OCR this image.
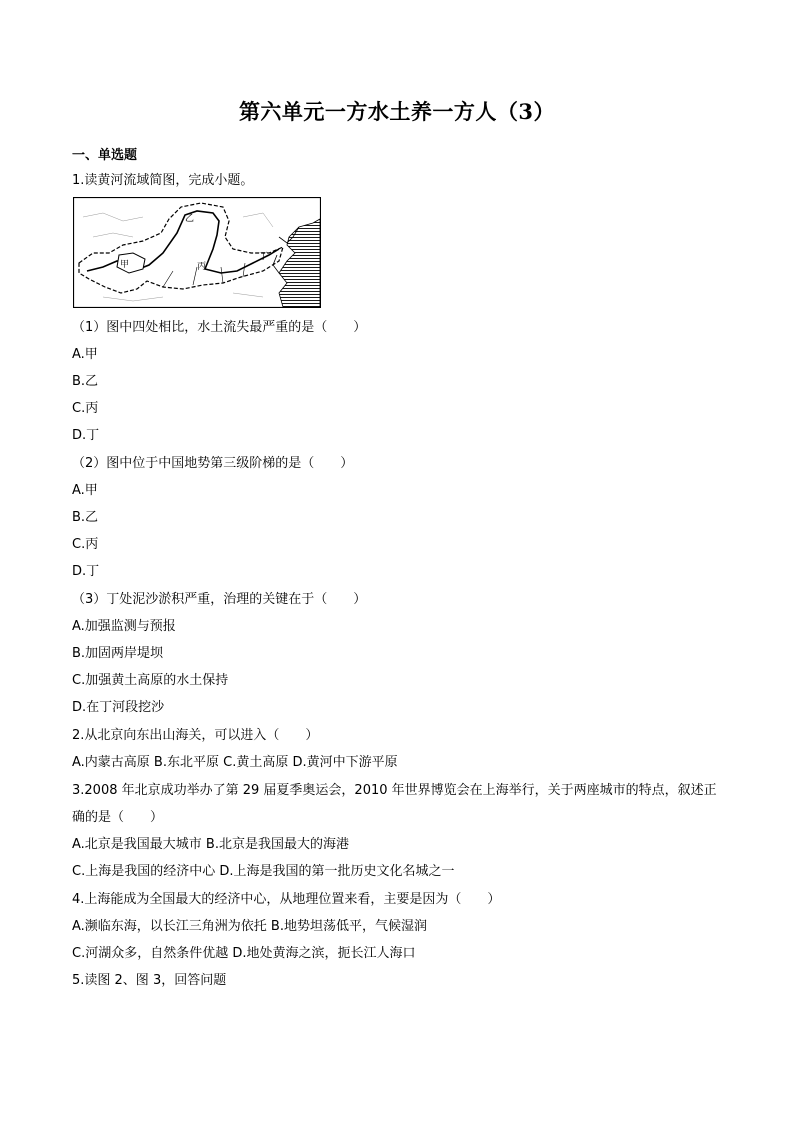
第六单元一方水土养一方人（3）
一、单选题
1.读黄河流域简图，完成小题。
甲
乙
丙
丁
（1）图中四处相比，水土流失最严重的是（　　）
A.甲
B.乙
C.丙
D.丁
（2）图中位于中国地势第三级阶梯的是（　　）
A.甲
B.乙
C.丙
D.丁
（3）丁处泥沙淤积严重，治理的关键在于（　　）
A.加强监测与预报
B.加固两岸堤坝
C.加强黄土高原的水土保持
D.在丁河段挖沙
2.从北京向东出山海关，可以进入（　　）
A.内蒙古高原 B.东北平原 C.黄土高原 D.黄河中下游平原
3.2008 年北京成功举办了第 29 届夏季奥运会，2010 年世界博览会在上海举行，关于两座城市的特点，叙述正确的是（　　）
A.北京是我国最大城市 B.北京是我国最大的海港
C.上海是我国的经济中心 D.上海是我国的第一批历史文化名城之一
4.上海能成为全国最大的经济中心，从地理位置来看，主要是因为（　　）
A.濒临东海，以长江三角洲为依托 B.地势坦荡低平，气候湿润
C.河湖众多，自然条件优越 D.地处黄海之滨，扼长江人海口
5.读图 2、图 3，回答问题
